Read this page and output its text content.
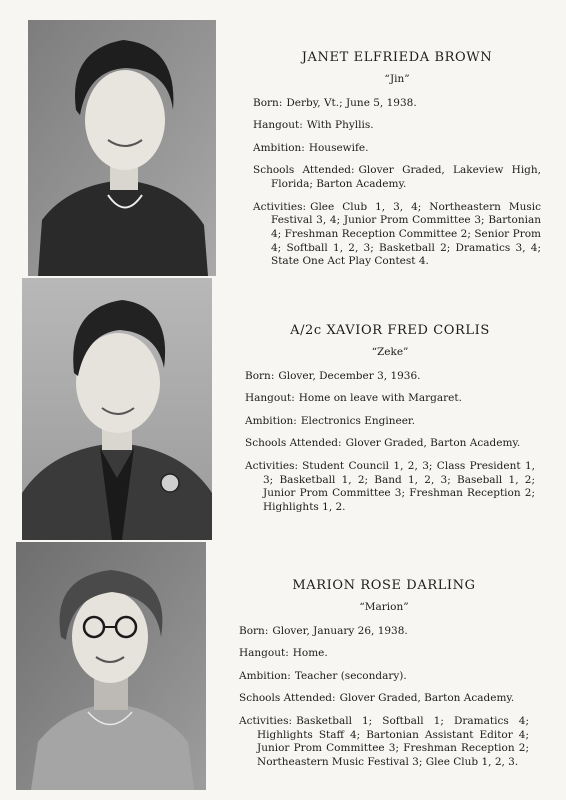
JANET ELFRIEDA BROWN
“Jin”
Born: Derby, Vt.; June 5, 1938.
Hangout: With Phyllis.
Ambition: Housewife.
Schools Attended: Glover Graded, Lakeview High, Florida; Barton Academy.
Activities: Glee Club 1, 3, 4; Northeastern Music Festival 3, 4; Junior Prom Committee 3; Bartonian 4; Freshman Reception Committee 2; Senior Prom 4; Softball 1, 2, 3; Basketball 2; Dramatics 3, 4; State One Act Play Contest 4.
A/2c XAVIOR FRED CORLIS
“Zeke”
Born: Glover, December 3, 1936.
Hangout: Home on leave with Margaret.
Ambition: Electronics Engineer.
Schools Attended: Glover Graded, Barton Academy.
Activities: Student Council 1, 2, 3; Class President 1, 3; Basketball 1, 2; Band 1, 2, 3; Baseball 1, 2; Junior Prom Committee 3; Freshman Reception 2; Highlights 1, 2.
MARION ROSE DARLING
“Marion”
Born: Glover, January 26, 1938.
Hangout: Home.
Ambition: Teacher (secondary).
Schools Attended: Glover Graded, Barton Academy.
Activities: Basketball 1; Softball 1; Dramatics 4; Highlights Staff 4; Bartonian Assistant Editor 4; Junior Prom Committee 3; Freshman Reception 2; Northeastern Music Festival 3; Glee Club 1, 2, 3.
